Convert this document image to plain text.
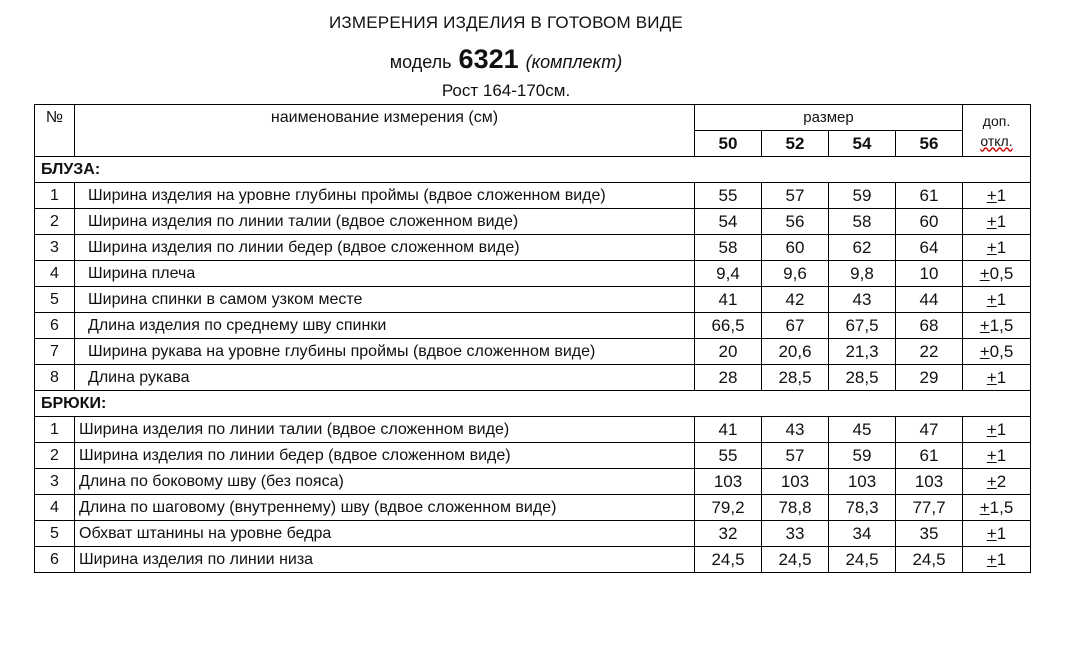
ИЗМЕРЕНИЯ ИЗДЕЛИЯ В ГОТОВОМ ВИДЕ
модель 6321 (комплект)
Рост 164-170см.
№	наименование измерения (см)	размер				доп.
откл.

		50	52	54	56	
БЛУЗА:						
1	Ширина изделия на уровне глубины проймы (вдвое сложенном виде)	55	57	59	61	+1
2	Ширина изделия по линии талии (вдвое сложенном виде)	54	56	58	60	+1
3	Ширина изделия по линии бедер (вдвое сложенном виде)	58	60	62	64	+1
4	Ширина плеча	9,4	9,6	9,8	10	+0,5
5	Ширина спинки в самом узком месте	41	42	43	44	+1
6	Длина изделия по среднему шву спинки	66,5	67	67,5	68	+1,5
7	Ширина рукава на уровне глубины проймы (вдвое сложенном виде)	20	20,6	21,3	22	+0,5
8	Длина рукава	28	28,5	28,5	29	+1
БРЮКИ:						
1	Ширина изделия по линии талии (вдвое сложенном виде)	41	43	45	47	+1
2	Ширина изделия по линии бедер (вдвое сложенном виде)	55	57	59	61	+1
3	Длина по боковому шву (без пояса)	103	103	103	103	+2
4	Длина по шаговому (внутреннему) шву (вдвое сложенном виде)	79,2	78,8	78,3	77,7	+1,5
5	Обхват штанины на уровне бедра	32	33	34	35	+1
6	Ширина изделия по линии низа	24,5	24,5	24,5	24,5	+1
